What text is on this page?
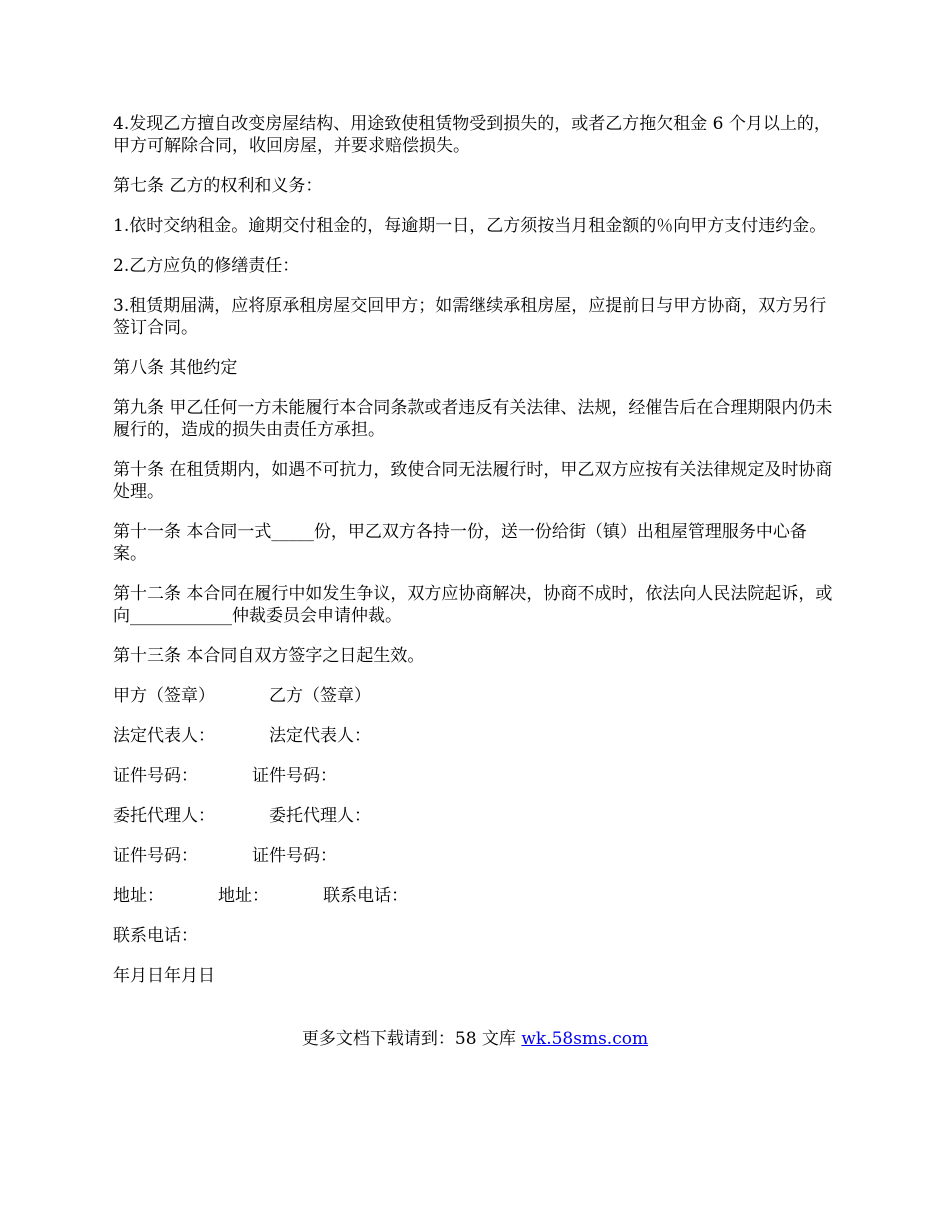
4.发现乙方擅自改变房屋结构、用途致使租赁物受到损失的，或者乙方拖欠租金 6 个月以上的，甲方可解除合同，收回房屋，并要求赔偿损失。

第七条 乙方的权利和义务：

1.依时交纳租金。逾期交付租金的，每逾期一日，乙方须按当月租金额的％向甲方支付违约金。

2.乙方应负的修缮责任：

3.租赁期届满，应将原承租房屋交回甲方；如需继续承租房屋，应提前日与甲方协商，双方另行签订合同。

第八条 其他约定

第九条 甲乙任何一方未能履行本合同条款或者违反有关法律、法规，经催告后在合理期限内仍未履行的，造成的损失由责任方承担。

第十条 在租赁期内，如遇不可抗力，致使合同无法履行时，甲乙双方应按有关法律规定及时协商处理。

第十一条 本合同一式_____份，甲乙双方各持一份，送一份给街（镇）出租屋管理服务中心备案。

第十二条 本合同在履行中如发生争议，双方应协商解决，协商不成时，依法向人民法院起诉，或向____________仲裁委员会申请仲裁。

第十三条 本合同自双方签字之日起生效。

甲方（签章）          乙方（签章）

法定代表人：          法定代表人：

证件号码：          证件号码：

委托代理人：          委托代理人：

证件号码：          证件号码：

地址：          地址：          联系电话：

联系电话：

年月日年月日

更多文档下载请到：58 文库 wk.58sms.com
